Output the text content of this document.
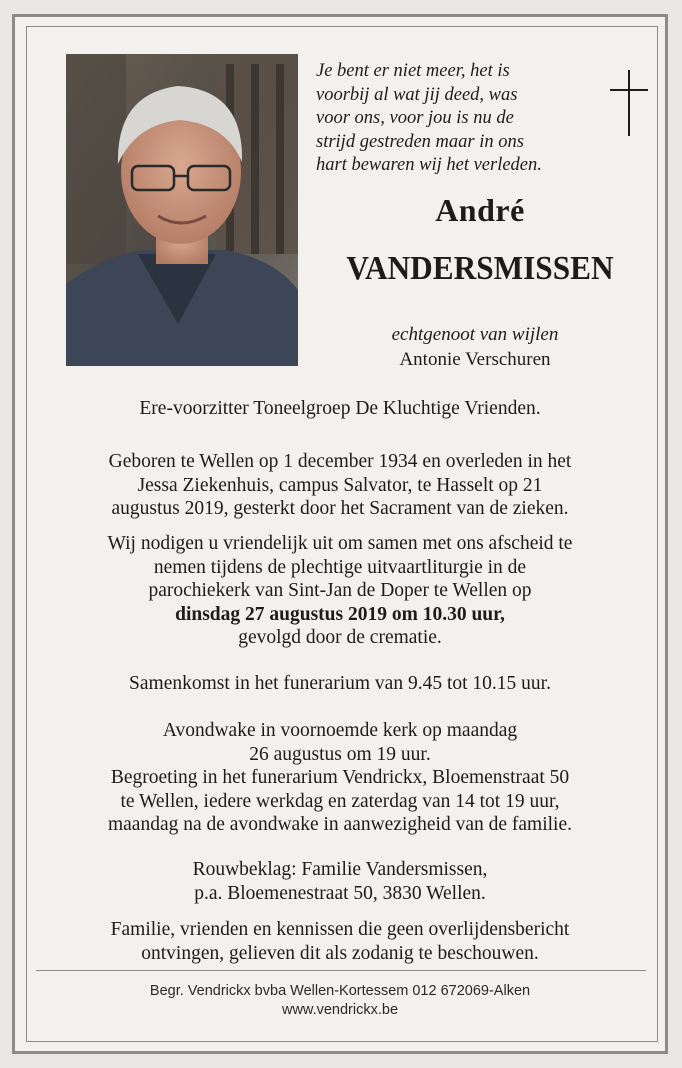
Je bent er niet meer, het is
voorbij al wat jij deed, was
voor ons, voor jou is nu de
strijd gestreden maar in ons
hart bewaren wij het verleden.
André
VANDERSMISSEN
echtgenoot van wijlen
Antonie Verschuren
Ere-voorzitter Toneelgroep De Kluchtige Vrienden.
Geboren te Wellen op 1 december 1934 en overleden in het
Jessa Ziekenhuis, campus Salvator, te Hasselt op 21
augustus 2019, gesterkt door het Sacrament van de zieken.
Wij nodigen u vriendelijk uit om samen met ons afscheid te
nemen tijdens de plechtige uitvaartliturgie in de
parochiekerk van Sint-Jan de Doper te Wellen op
dinsdag 27 augustus 2019 om 10.30 uur,
gevolgd door de crematie.
Samenkomst in het funerarium van 9.45 tot 10.15 uur.
Avondwake in voornoemde kerk op maandag
26 augustus om 19 uur.
Begroeting in het funerarium Vendrickx, Bloemenstraat 50
te Wellen, iedere werkdag en zaterdag van 14 tot 19 uur,
maandag na de avondwake in aanwezigheid van de familie.
Rouwbeklag: Familie Vandersmissen,
p.a. Bloemenestraat 50, 3830 Wellen.
Familie, vrienden en kennissen die geen overlijdensbericht
ontvingen, gelieven dit als zodanig te beschouwen.
Begr. Vendrickx bvba Wellen-Kortessem 012 672069-Alken
www.vendrickx.be
